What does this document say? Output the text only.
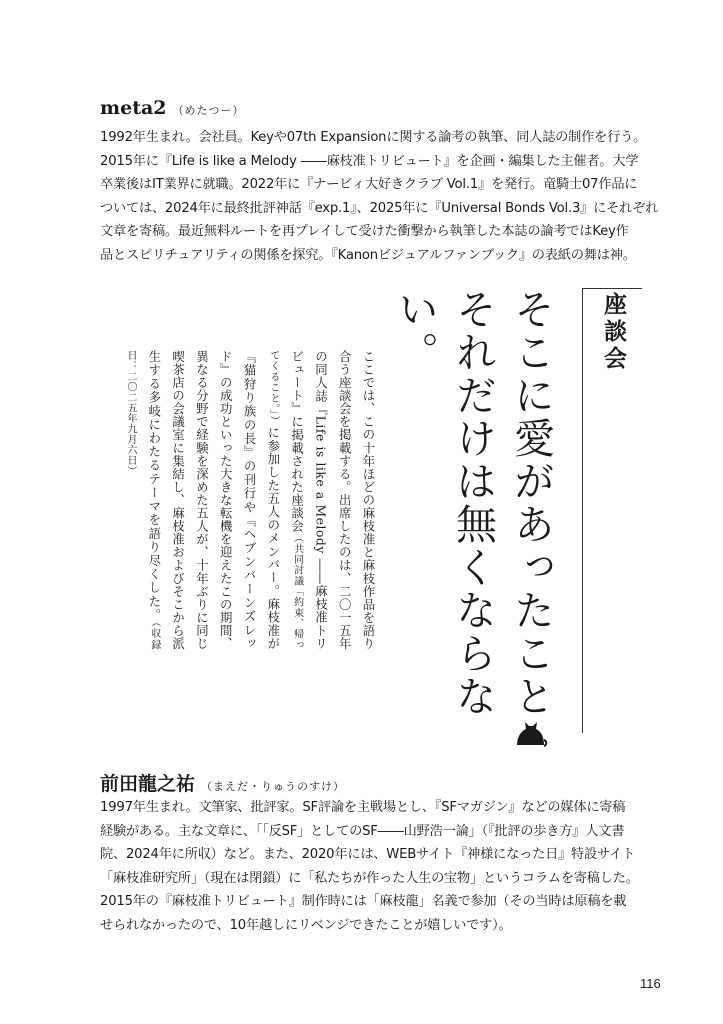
meta2 （めたつー）
1992年生まれ。会社員。Keyや07th Expansionに関する論考の執筆、同人誌の制作を行う。
2015年に『Life is like a Melody ――麻枝准トリビュート』を企画・編集した主催者。大学
卒業後はIT業界に就職。2022年に『ナービィ大好きクラブ Vol.1』を発行。竜騎士07作品に
ついては、2024年に最終批評神話『exp.1』、2025年に『Universal Bonds Vol.3』にそれぞれ
文章を寄稿。最近無料ルートを再プレイして受けた衝撃から執筆した本誌の論考ではKey作
品とスピリチュアリティの関係を探究。『Kanonビジュアルファンブック』の表紙の舞は神。
座談会
そこに愛があったこと

それだけは無くならない。
ここでは、この十年ほどの麻枝准と麻枝作品を語り合う座談会を掲載する。出席したのは、二〇一五年の同人誌『Life is like a Melody ――麻枝准トリビュート』に掲載された座談会（共同討議「約束、帰ってくること。」）に参加した五人のメンバー。麻枝准が『猫狩り族の長』の刊行や『ヘブンバーンズレッド』の成功といった大きな転機を迎えたこの期間、異なる分野で経験を深めた五人が、十年ぶりに同じ喫茶店の会議室に集結し、麻枝准およびそこから派生する多岐にわたるテーマを語り尽くした。（収録日：二〇二五年九月六日）
前田龍之祐 （まえだ・りゅうのすけ）
1997年生まれ。文筆家、批評家。SF評論を主戦場とし、『SFマガジン』などの媒体に寄稿
経験がある。主な文章に、「「反SF」としてのSF――山野浩一論」（『批評の歩き方』人文書
院、2024年に所収）など。また、2020年には、WEBサイト『神様になった日』特設サイト
「麻枝准研究所」（現在は閉鎖）に「私たちが作った人生の宝物」というコラムを寄稿した。
2015年の『麻枝准トリビュート』制作時には「麻枝龍」名義で参加（その当時は原稿を載
せられなかったので、10年越しにリベンジできたことが嬉しいです）。
116
